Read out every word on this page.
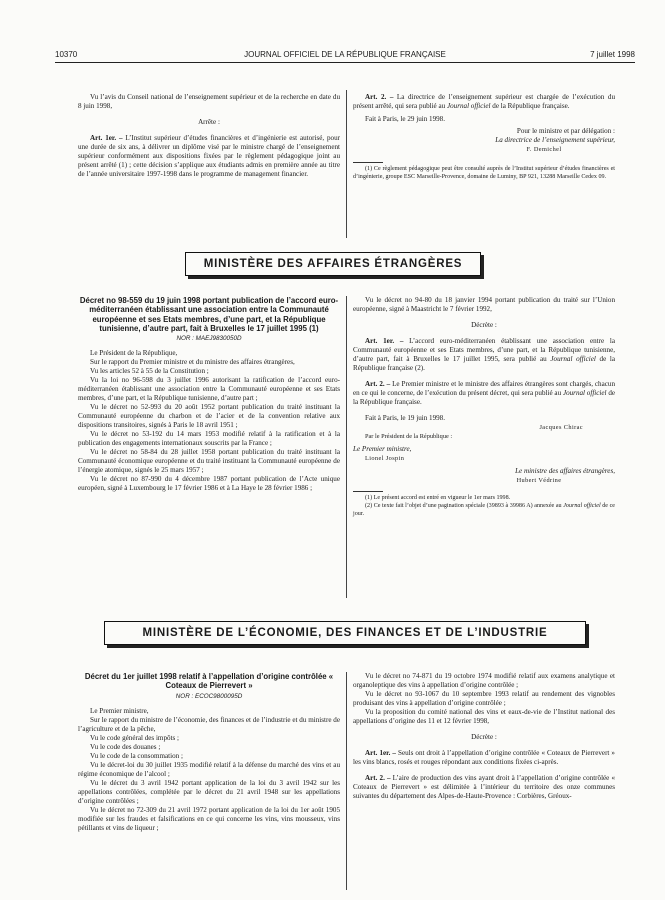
10370	JOURNAL OFFICIEL DE LA RÉPUBLIQUE FRANÇAISE	7 juillet 1998

Vu l’avis du Conseil national de l’enseignement supérieur et de la recherche en date du 8 juin 1998,

Arrête :

Art. 1er. – L’Institut supérieur d’études financières et d’ingénierie est autorisé, pour une durée de six ans, à délivrer un diplôme visé par le ministre chargé de l’enseignement supérieur conformément aux dispositions fixées par le règlement pédagogique joint au présent arrêté (1) ; cette décision s’applique aux étudiants admis en première année au titre de l’année universitaire 1997-1998 dans le programme de management financier.

Art. 2. – La directrice de l’enseignement supérieur est chargée de l’exécution du présent arrêté, qui sera publié au Journal officiel de la République française.

Fait à Paris, le 29 juin 1998.

Pour le ministre et par délégation :

La directrice de l’enseignement supérieur,

F. Demichel

(1) Ce règlement pédagogique peut être consulté auprès de l’Institut supérieur d’études financières et d’ingénierie, groupe ESC Marseille-Provence, domaine de Luminy, BP 921, 13288 Marseille Cedex 09.

MINISTÈRE DES AFFAIRES ÉTRANGÈRES

Décret no 98-559 du 19 juin 1998 portant publication de l’accord euro-méditerranéen établissant une association entre la Communauté européenne et ses Etats membres, d’une part, et la République tunisienne, d’autre part, fait à Bruxelles le 17 juillet 1995 (1)

NOR : MAEJ9830050D

Le Président de la République,

Sur le rapport du Premier ministre et du ministre des affaires étrangères,

Vu les articles 52 à 55 de la Constitution ;

Vu la loi no 96-598 du 3 juillet 1996 autorisant la ratification de l’accord euro-méditerranéen établissant une association entre la Communauté européenne et ses Etats membres, d’une part, et la République tunisienne, d’autre part ;

Vu le décret no 52-993 du 20 août 1952 portant publication du traité instituant la Communauté européenne du charbon et de l’acier et de la convention relative aux dispositions transitoires, signés à Paris le 18 avril 1951 ;

Vu le décret no 53-192 du 14 mars 1953 modifié relatif à la ratification et à la publication des engagements internationaux souscrits par la France ;

Vu le décret no 58-84 du 28 juillet 1958 portant publication du traité instituant la Communauté économique européenne et du traité instituant la Communauté européenne de l’énergie atomique, signés le 25 mars 1957 ;

Vu le décret no 87-990 du 4 décembre 1987 portant publication de l’Acte unique européen, signé à Luxembourg le 17 février 1986 et à La Haye le 28 février 1986 ;

Vu le décret no 94-80 du 18 janvier 1994 portant publication du traité sur l’Union européenne, signé à Maastricht le 7 février 1992,

Décrète :

Art. 1er. – L’accord euro-méditerranéen établissant une association entre la Communauté européenne et ses Etats membres, d’une part, et la République tunisienne, d’autre part, fait à Bruxelles le 17 juillet 1995, sera publié au Journal officiel de la République française (2).

Art. 2. – Le Premier ministre et le ministre des affaires étrangères sont chargés, chacun en ce qui le concerne, de l’exécution du présent décret, qui sera publié au Journal officiel de la République française.

Fait à Paris, le 19 juin 1998.

Jacques Chirac

Par le Président de la République :

Le Premier ministre,

Lionel Jospin

Le ministre des affaires étrangères,

Hubert Védrine

(1) Le présent accord est entré en vigueur le 1er mars 1998.

(2) Ce texte fait l’objet d’une pagination spéciale (39893 à 39986 A) annexée au Journal officiel de ce jour.

MINISTÈRE DE L’ÉCONOMIE, DES FINANCES ET DE L’INDUSTRIE

Décret du 1er juillet 1998 relatif à l’appellation d’origine contrôlée « Coteaux de Pierrevert »

NOR : ECOC9800095D

Le Premier ministre,

Sur le rapport du ministre de l’économie, des finances et de l’industrie et du ministre de l’agriculture et de la pêche,

Vu le code général des impôts ;

Vu le code des douanes ;

Vu le code de la consommation ;

Vu le décret-loi du 30 juillet 1935 modifié relatif à la défense du marché des vins et au régime économique de l’alcool ;

Vu le décret du 3 avril 1942 portant application de la loi du 3 avril 1942 sur les appellations contrôlées, complétée par le décret du 21 avril 1948 sur les appellations d’origine contrôlées ;

Vu le décret no 72-309 du 21 avril 1972 portant application de la loi du 1er août 1905 modifiée sur les fraudes et falsifications en ce qui concerne les vins, vins mousseux, vins pétillants et vins de liqueur ;

Vu le décret no 74-871 du 19 octobre 1974 modifié relatif aux examens analytique et organoleptique des vins à appellation d’origine contrôlée ;

Vu le décret no 93-1067 du 10 septembre 1993 relatif au rendement des vignobles produisant des vins à appellation d’origine contrôlée ;

Vu la proposition du comité national des vins et eaux-de-vie de l’Institut national des appellations d’origine des 11 et 12 février 1998,

Décrète :

Art. 1er. – Seuls ont droit à l’appellation d’origine contrôlée « Coteaux de Pierrevert » les vins blancs, rosés et rouges répondant aux conditions fixées ci-après.

Art. 2. – L’aire de production des vins ayant droit à l’appellation d’origine contrôlée « Coteaux de Pierrevert » est délimitée à l’intérieur du territoire des onze communes suivantes du département des Alpes-de-Haute-Provence : Corbières, Gréoux-
